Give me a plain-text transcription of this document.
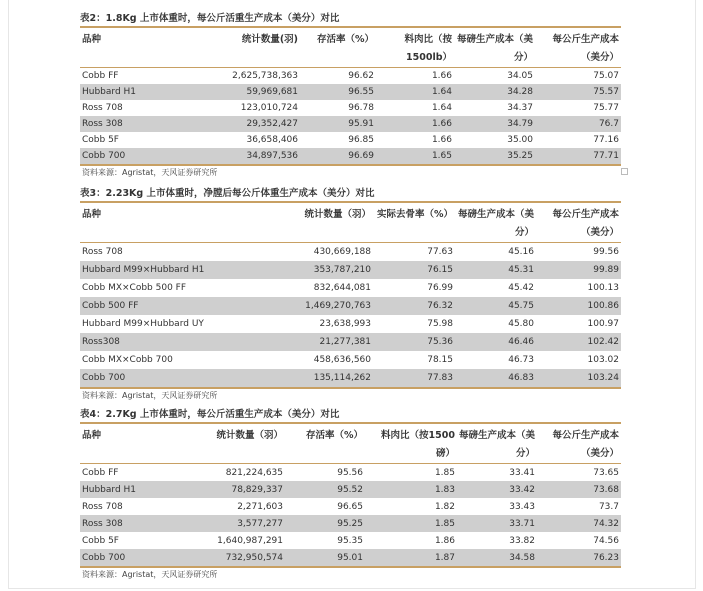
表2：1.8Kg 上市体重时，每公斤活重生产成本（美分）对比
品种	统计数量(羽)	存活率（%）	料肉比（按1500lb）	每磅生产成本（美分）	每公斤生产成本（美分）
Cobb FF	2,625,738,363	96.62	1.66	34.05	75.07
Hubbard H1	59,969,681	96.55	1.64	34.28	75.57
Ross 708	123,010,724	96.78	1.64	34.37	75.77
Ross 308	29,352,427	95.91	1.66	34.79	76.7
Cobb 5F	36,658,406	96.85	1.66	35.00	77.16
Cobb 700	34,897,536	96.69	1.65	35.25	77.71
资料来源：Agristat，天风证券研究所
表3：2.23Kg 上市体重时，净膛后每公斤体重生产成本（美分）对比
品种	统计数量（羽）	实际去骨率（%）	每磅生产成本（美分）	每公斤生产成本（美分）
Ross 708	430,669,188	77.63	45.16	99.56
Hubbard M99×Hubbard H1	353,787,210	76.15	45.31	99.89
Cobb MX×Cobb 500 FF	832,644,081	76.99	45.42	100.13
Cobb 500 FF	1,469,270,763	76.32	45.75	100.86
Hubbard M99×Hubbard UY	23,638,993	75.98	45.80	100.97
Ross308	21,277,381	75.36	46.46	102.42
Cobb MX×Cobb 700	458,636,560	78.15	46.73	103.02
Cobb 700	135,114,262	77.83	46.83	103.24
资料来源：Agristat，天风证券研究所
表4：2.7Kg 上市体重时，每公斤活重生产成本（美分）对比
品种	统计数量（羽）	存活率（%）	料肉比（按1500磅）	每磅生产成本（美分）	每公斤生产成本（美分）
Cobb FF	821,224,635	95.56	1.85	33.41	73.65
Hubbard H1	78,829,337	95.52	1.83	33.42	73.68
Ross 708	2,271,603	96.65	1.82	33.43	73.7
Ross 308	3,577,277	95.25	1.85	33.71	74.32
Cobb 5F	1,640,987,291	95.35	1.86	33.82	74.56
Cobb 700	732,950,574	95.01	1.87	34.58	76.23
资料来源：Agristat，天风证券研究所
